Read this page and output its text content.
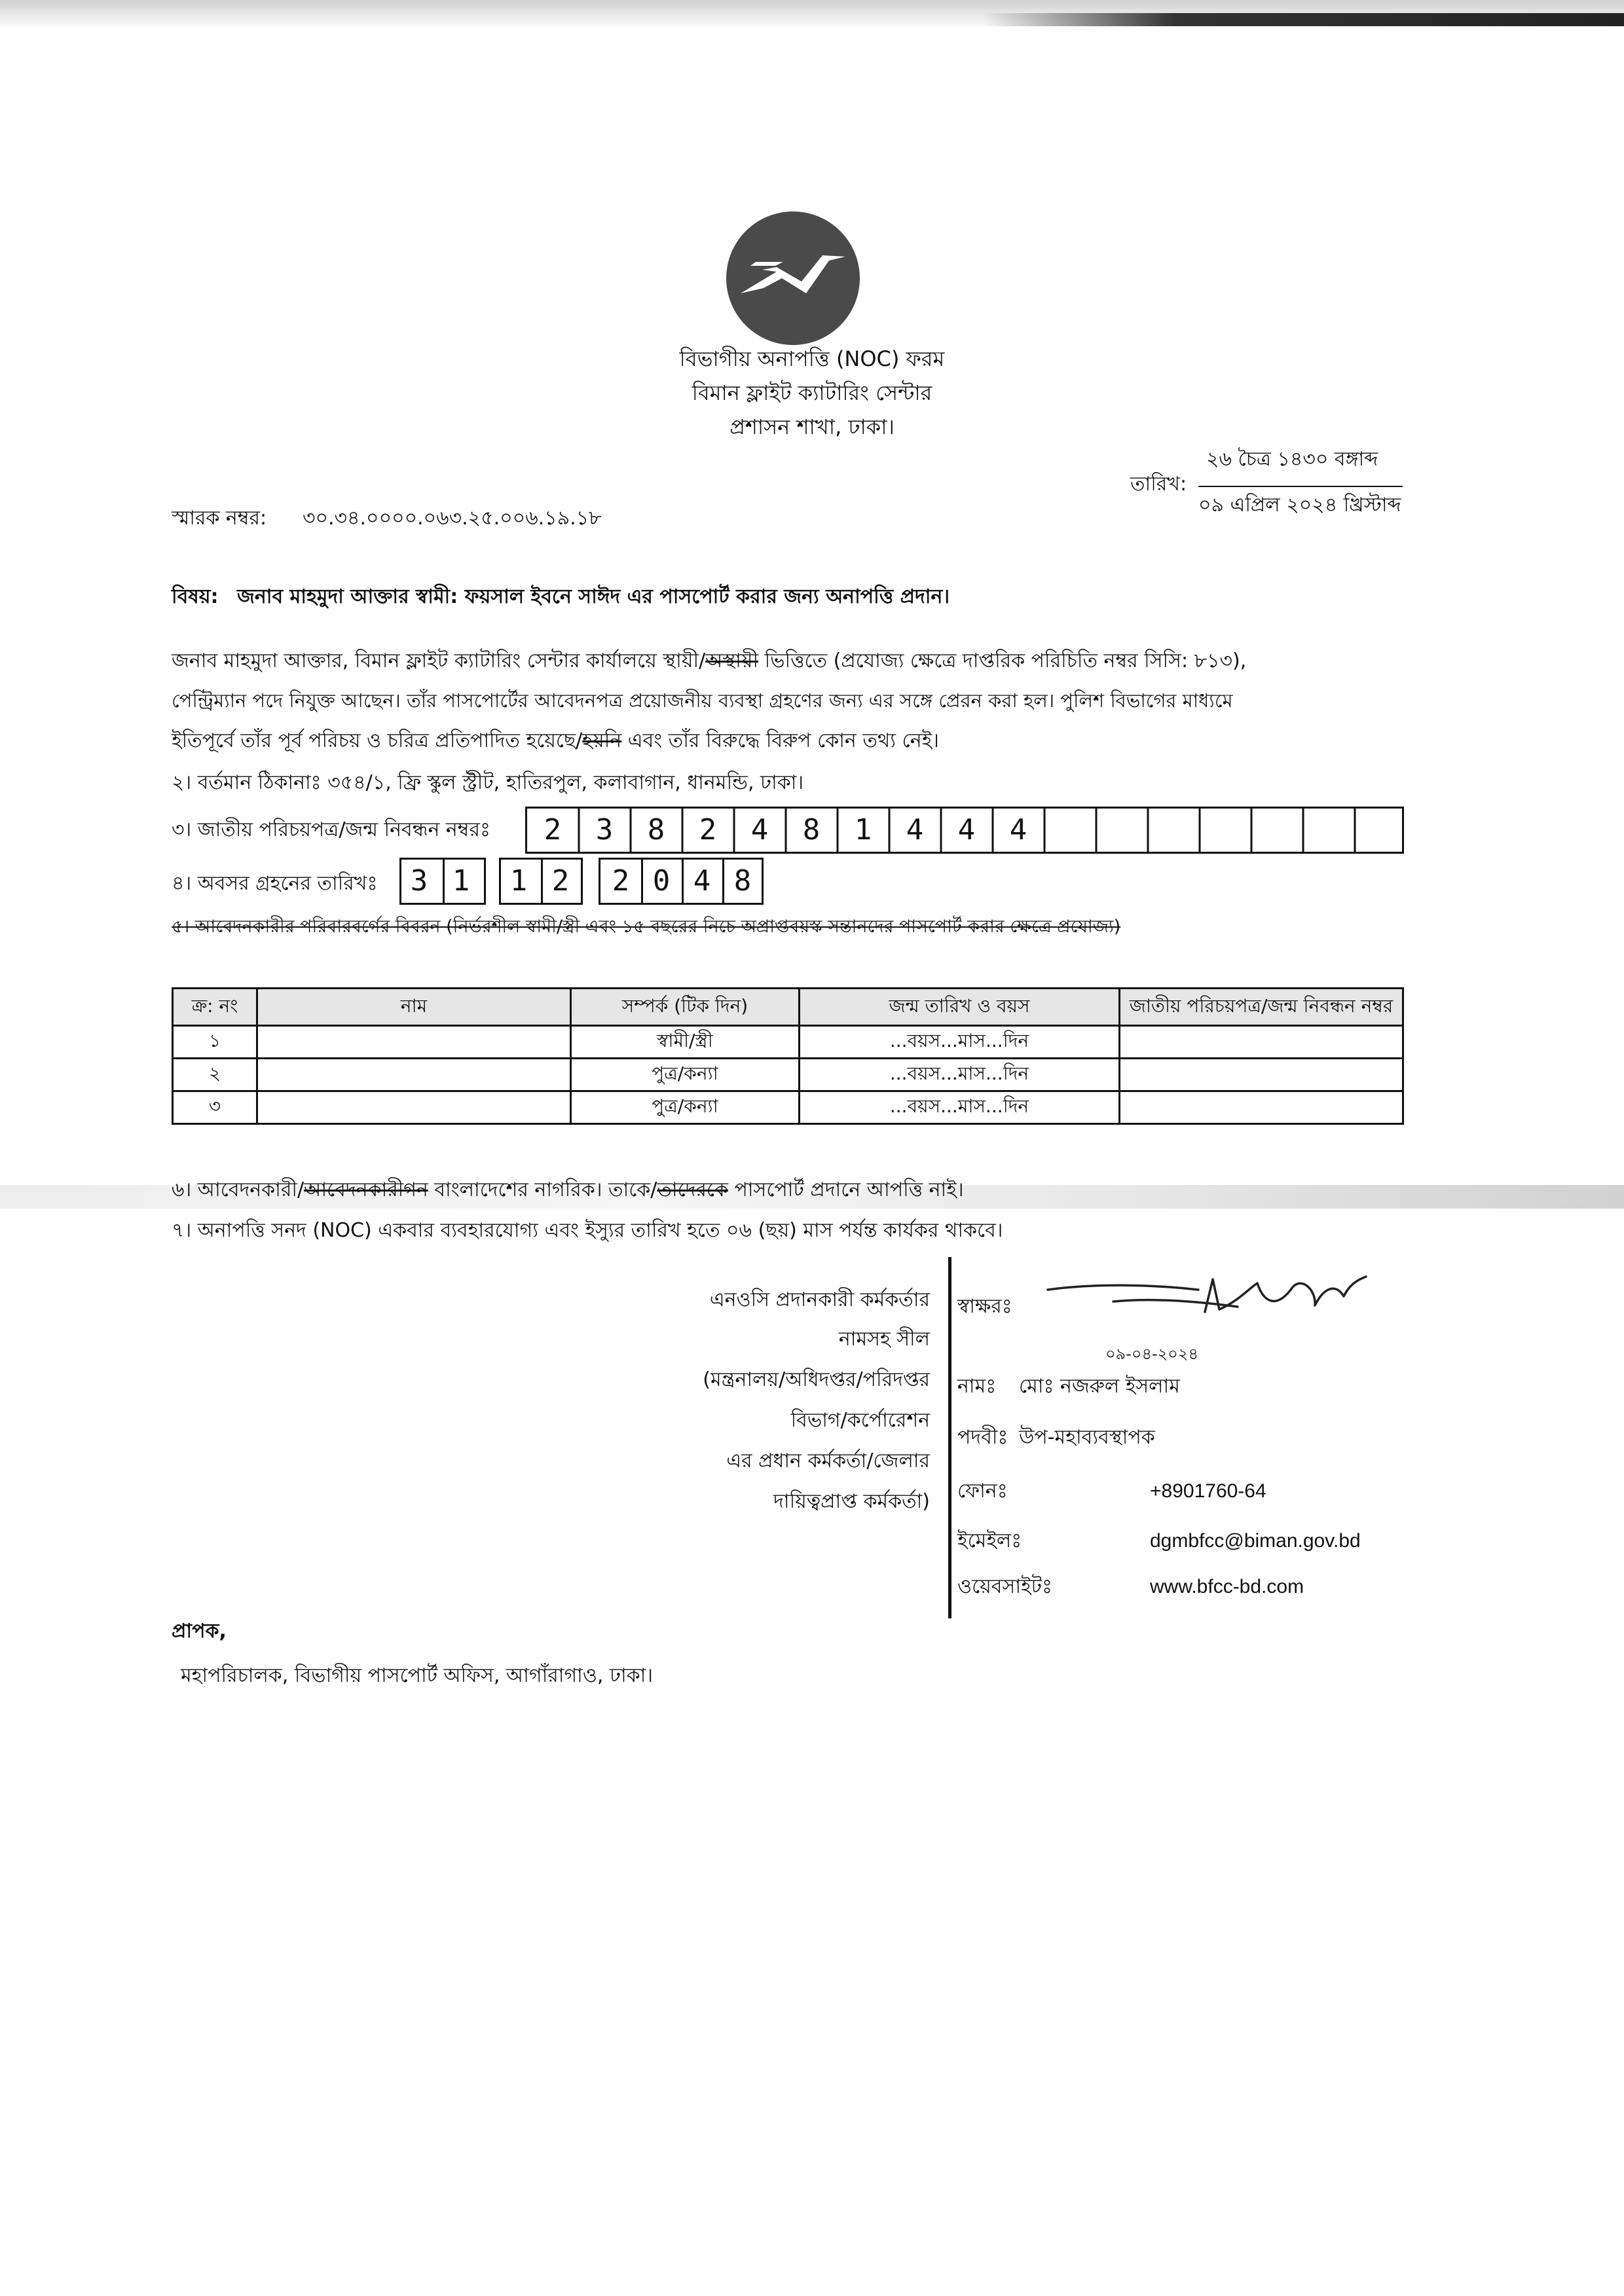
বিভাগীয় অনাপত্তি (NOC) ফরম
বিমান ফ্লাইট ক্যাটারিং সেন্টার
প্রশাসন শাখা, ঢাকা।
২৬ চৈত্র ১৪৩০ বঙ্গাব্দ
তারিখ:
০৯ এপ্রিল ২০২৪ খ্রিস্টাব্দ
স্মারক নম্বর: ৩০.৩৪.০০০০.০৬৩.২৫.০০৬.১৯.১৮
বিষয়: জনাব মাহমুদা আক্তার স্বামী: ফয়সাল ইবনে সাঈদ এর পাসপোর্ট করার জন্য অনাপত্তি প্রদান।
জনাব মাহমুদা আক্তার, বিমান ফ্লাইট ক্যাটারিং সেন্টার কার্যালয়ে স্থায়ী/অস্থায়ী ভিত্তিতে (প্রযোজ্য ক্ষেত্রে দাপ্তরিক পরিচিতি নম্বর সিসি: ৮১৩),
পেন্ট্রিম্যান পদে নিযুক্ত আছেন। তাঁর পাসপোর্টের আবেদনপত্র প্রয়োজনীয় ব্যবস্থা গ্রহণের জন্য এর সঙ্গে প্রেরন করা হল। পুলিশ বিভাগের মাধ্যমে
ইতিপূর্বে তাঁর পূর্ব পরিচয় ও চরিত্র প্রতিপাদিত হয়েছে/হয়নি এবং তাঁর বিরুদ্ধে বিরুপ কোন তথ্য নেই।
২। বর্তমান ঠিকানাঃ ৩৫৪/১, ফ্রি স্কুল স্ট্রীট, হাতিরপুল, কলাবাগান, ধানমন্ডি, ঢাকা।
৩। জাতীয় পরিচয়পত্র/জন্ম নিবন্ধন নম্বরঃ	2	3	8	2	4	8	1	4	4	4
৪। অবসর গ্রহনের তারিখঃ	3 1	1 2	2 0 4 8
৫। আবেদনকারীর পরিবারবর্গের বিবরন (নির্ভরশীল স্বামী/স্ত্রী এবং ১৫ বছরের নিচে অপ্রাপ্তবয়স্ক সন্তানদের পাসপোর্ট করার ক্ষেত্রে প্রযোজ্য)
ক্র: নং	নাম	সম্পর্ক (টিক দিন)	জন্ম তারিখ ও বয়স	জাতীয় পরিচয়পত্র/জন্ম নিবন্ধন নম্বর
১		স্বামী/স্ত্রী	...বয়স...মাস...দিন	
২		পুত্র/কন্যা	...বয়স...মাস...দিন	
৩		পুত্র/কন্যা	...বয়স...মাস...দিন	
৬। আবেদনকারী/আবেদনকারীগন বাংলাদেশের নাগরিক। তাকে/তাদেরকে পাসপোর্ট প্রদানে আপত্তি নাই।
৭। অনাপত্তি সনদ (NOC) একবার ব্যবহারযোগ্য এবং ইস্যুর তারিখ হতে ০৬ (ছয়) মাস পর্যন্ত কার্যকর থাকবে।
এনওসি প্রদানকারী কর্মকর্তার
নামসহ সীল
(মন্ত্রনালয়/অধিদপ্তর/পরিদপ্তর
বিভাগ/কর্পোরেশন
এর প্রধান কর্মকর্তা/জেলার
দায়িত্বপ্রাপ্ত কর্মকর্তা)
স্বাক্ষরঃ
০৯-০৪-২০২৪
নামঃ মোঃ নজরুল ইসলাম
পদবীঃ উপ-মহাব্যবস্থাপক
ফোনঃ	+8901760-64
ইমেইলঃ	dgmbfcc@biman.gov.bd
ওয়েবসাইটঃ	www.bfcc-bd.com
প্রাপক,
মহাপরিচালক, বিভাগীয় পাসপোর্ট অফিস, আগাঁরাগাও, ঢাকা।
